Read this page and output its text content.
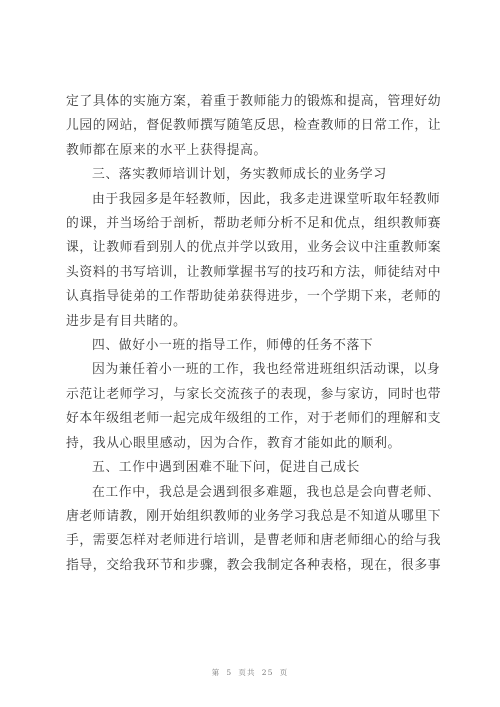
定了具体的实施方案，着重于教师能力的锻炼和提高，管理好幼
儿园的网站，督促教师撰写随笔反思，检查教师的日常工作，让
教师都在原来的水平上获得提高。

三、落实教师培训计划，务实教师成长的业务学习

由于我园多是年轻教师，因此，我多走进课堂听取年轻教师
的课，并当场给于剖析，帮助老师分析不足和优点，组织教师赛
课，让教师看到别人的优点并学以致用，业务会议中注重教师案
头资料的书写培训，让教师掌握书写的技巧和方法，师徒结对中
认真指导徒弟的工作帮助徒弟获得进步，一个学期下来，老师的
进步是有目共睹的。

四、做好小一班的指导工作，师傅的任务不落下

因为兼任着小一班的工作，我也经常进班组织活动课，以身
示范让老师学习，与家长交流孩子的表现，参与家访，同时也带
好本年级组老师一起完成年级组的工作，对于老师们的理解和支
持，我从心眼里感动，因为合作，教育才能如此的顺利。

五、工作中遇到困难不耻下问，促进自己成长

在工作中，我总是会遇到很多难题，我也总是会向曹老师、
唐老师请教，刚开始组织教师的业务学习我总是不知道从哪里下
手，需要怎样对老师进行培训，是曹老师和唐老师细心的给与我
指导，交给我环节和步骤，教会我制定各种表格，现在，很多事

第 5 页共 25 页
